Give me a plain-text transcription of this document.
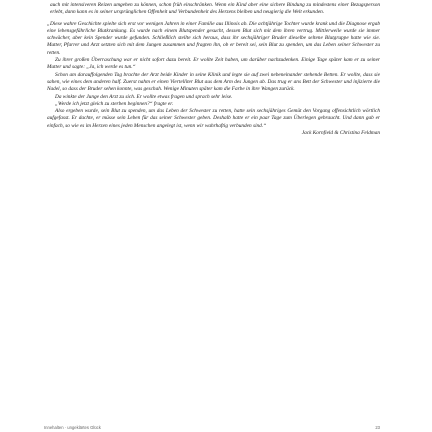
auch mit intensiveren Reizen umgehen zu können, schon früh einschränken. Wenn ein Kind aber eine sichere Bindung zu mindestens einer Bezugsperson erlebt, dann kann es in seiner ursprünglichen Offenheit und Verbundenheit des Herzens bleiben und neugierig die Welt erkunden.

„Diese wahre Geschichte spielte sich erst vor wenigen Jahren in einer Familie aus Illinois ab. Die achtjährige Tochter wurde krank und die Diagnose ergab eine lebensgefährliche Blutkrankung. Es wurde nach einem Blutspender gesucht, dessen Blut sich mit dem ihren vertrug. Mittlerweile wurde sie immer schwächer, aber kein Spender wurde gefunden. Schließlich stellte sich heraus, dass ihr sechsjähriger Bruder dieselbe seltene Blutgruppe hatte wie sie. Mutter, Pfarrer und Arzt setzten sich mit dem Jungen zusammen und fragten ihn, ob er bereit sei, sein Blut zu spenden, um das Leben seiner Schwester zu retten.

Zu ihrer großen Überraschung war er nicht sofort dazu bereit. Er wollte Zeit haben, um darüber nachzudenken. Einige Tage später kam er zu seiner Mutter und sagte: „Ja, ich werde es tun.“

Schon am darauffolgenden Tag brachte der Arzt beide Kinder in seine Klinik und legte sie auf zwei nebeneinander stehende Betten. Er wollte, dass sie sahen, wie eines dem anderen half. Zuerst nahm er einen Viertelliter Blut aus dem Arm des Jungen ab. Das trug er ans Bett der Schwester und injizierte die Nadel, so dass der Bruder sehen konnte, was geschah. Wenige Minuten später kam die Farbe in ihre Wangen zurück.

Da winkte der Junge den Arzt zu sich. Er wollte etwas fragen und sprach sehr leise.

„Werde ich jetzt gleich zu sterben beginnen?“ fragte er.

Also ergeben wurde, sein Blut zu spenden, um das Leben der Schwester zu retten, hatte sein sechsjähriges Gemüt den Vorgang offensichtlich wörtlich aufgefasst. Er dachte, er müsse sein Leben für das seiner Schwester geben. Deshalb hatte er ein paar Tage zum Überlegen gebraucht. Und dann gab er einfach, so wie es im Herzen eines jeden Menschen angelegt ist, wenn wir wahrhaftig verbunden sind.“

Jack Kornfield & Christina Feldman

Innehalten · ungeklärtes Glück	23
